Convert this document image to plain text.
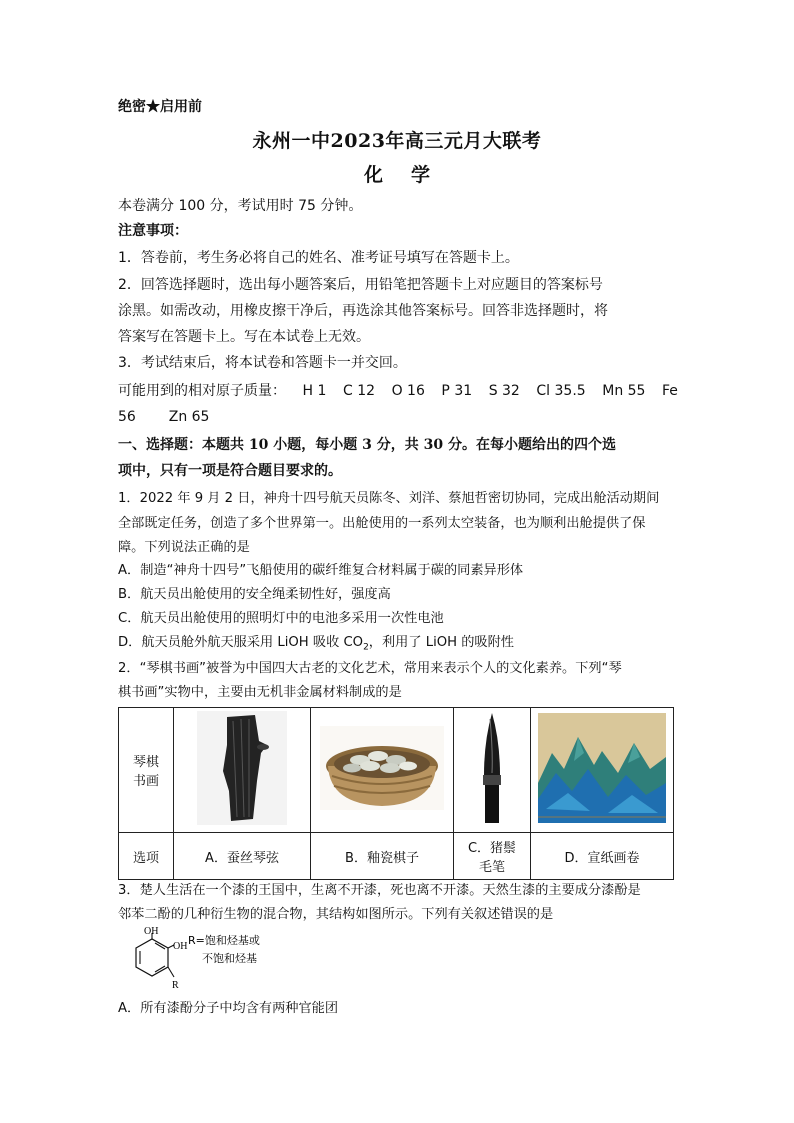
绝密★启用前
永州一中2023年高三元月大联考
化 学
本卷满分 100 分，考试用时 75 分钟。
注意事项：
1．答卷前，考生务必将自己的姓名、准考证号填写在答题卡上。
2．回答选择题时，选出每小题答案后，用铅笔把答题卡上对应题目的答案标号
涂黑。如需改动，用橡皮擦干净后，再选涂其他答案标号。回答非选择题时，将
答案写在答题卡上。写在本试卷上无效。
3．考试结束后，将本试卷和答题卡一并交回。
可能用到的相对原子质量： H 1 C 12 O 16 P 31 S 32 Cl 35.5 Mn 55 Fe
56 Zn 65
一、选择题：本题共 10 小题，每小题 3 分，共 30 分。在每小题给出的四个选
项中，只有一项是符合题目要求的。
1．2022 年 9 月 2 日，神舟十四号航天员陈冬、刘洋、蔡旭哲密切协同，完成出舱活动期间
全部既定任务，创造了多个世界第一。出舱使用的一系列太空装备，也为顺利出舱提供了保
障。下列说法正确的是
A．制造“神舟十四号”飞船使用的碳纤维复合材料属于碳的同素异形体
B．航天员出舱使用的安全绳柔韧性好，强度高
C．航天员出舱使用的照明灯中的电池多采用一次性电池
D．航天员舱外航天服采用 LiOH 吸收 $CO_2$，利用了 LiOH 的吸附性
2．“琴棋书画”被誉为中国四大古老的文化艺术，常用来表示个人的文化素养。下列“琴
棋书画”实物中，主要由无机非金属材料制成的是
琴棋
书画				
选项	A．蚕丝琴弦	B．釉瓷棋子	C．猪鬃
毛笔	D．宣纸画卷
3．楚人生活在一个漆的王国中，生离不开漆，死也离不开漆。天然生漆的主要成分漆酚是
邻苯二酚的几种衍生物的混合物，其结构如图所示。下列有关叙述错误的是
OH
OH
R
R=饱和烃基或
不饱和烃基
A．所有漆酚分子中均含有两种官能团
